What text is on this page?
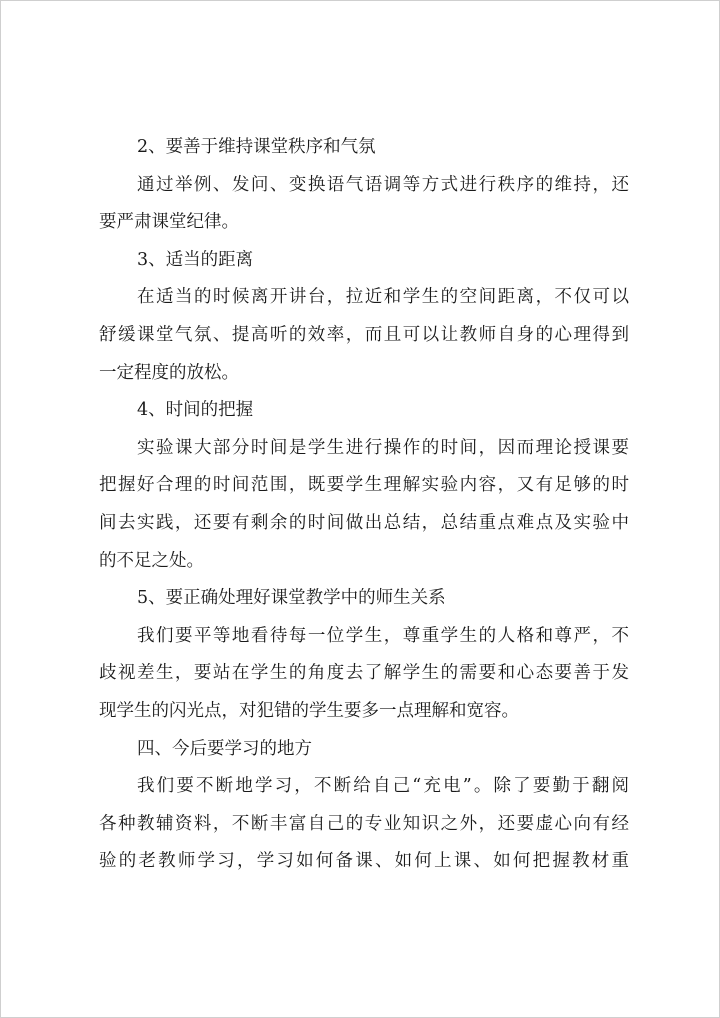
2、要善于维持课堂秩序和气氛
通过举例、发问、变换语气语调等方式进行秩序的维持，还
要严肃课堂纪律。
3、适当的距离
在适当的时候离开讲台，拉近和学生的空间距离，不仅可以
舒缓课堂气氛、提高听的效率，而且可以让教师自身的心理得到
一定程度的放松。
4、时间的把握
实验课大部分时间是学生进行操作的时间，因而理论授课要
把握好合理的时间范围，既要学生理解实验内容，又有足够的时
间去实践，还要有剩余的时间做出总结，总结重点难点及实验中
的不足之处。
5、要正确处理好课堂教学中的师生关系
我们要平等地看待每一位学生，尊重学生的人格和尊严，不
歧视差生，要站在学生的角度去了解学生的需要和心态要善于发
现学生的闪光点，对犯错的学生要多一点理解和宽容。
四、今后要学习的地方
我们要不断地学习，不断给自己“充电”。除了要勤于翻阅
各种教辅资料，不断丰富自己的专业知识之外，还要虚心向有经
验的老教师学习，学习如何备课、如何上课、如何把握教材重
